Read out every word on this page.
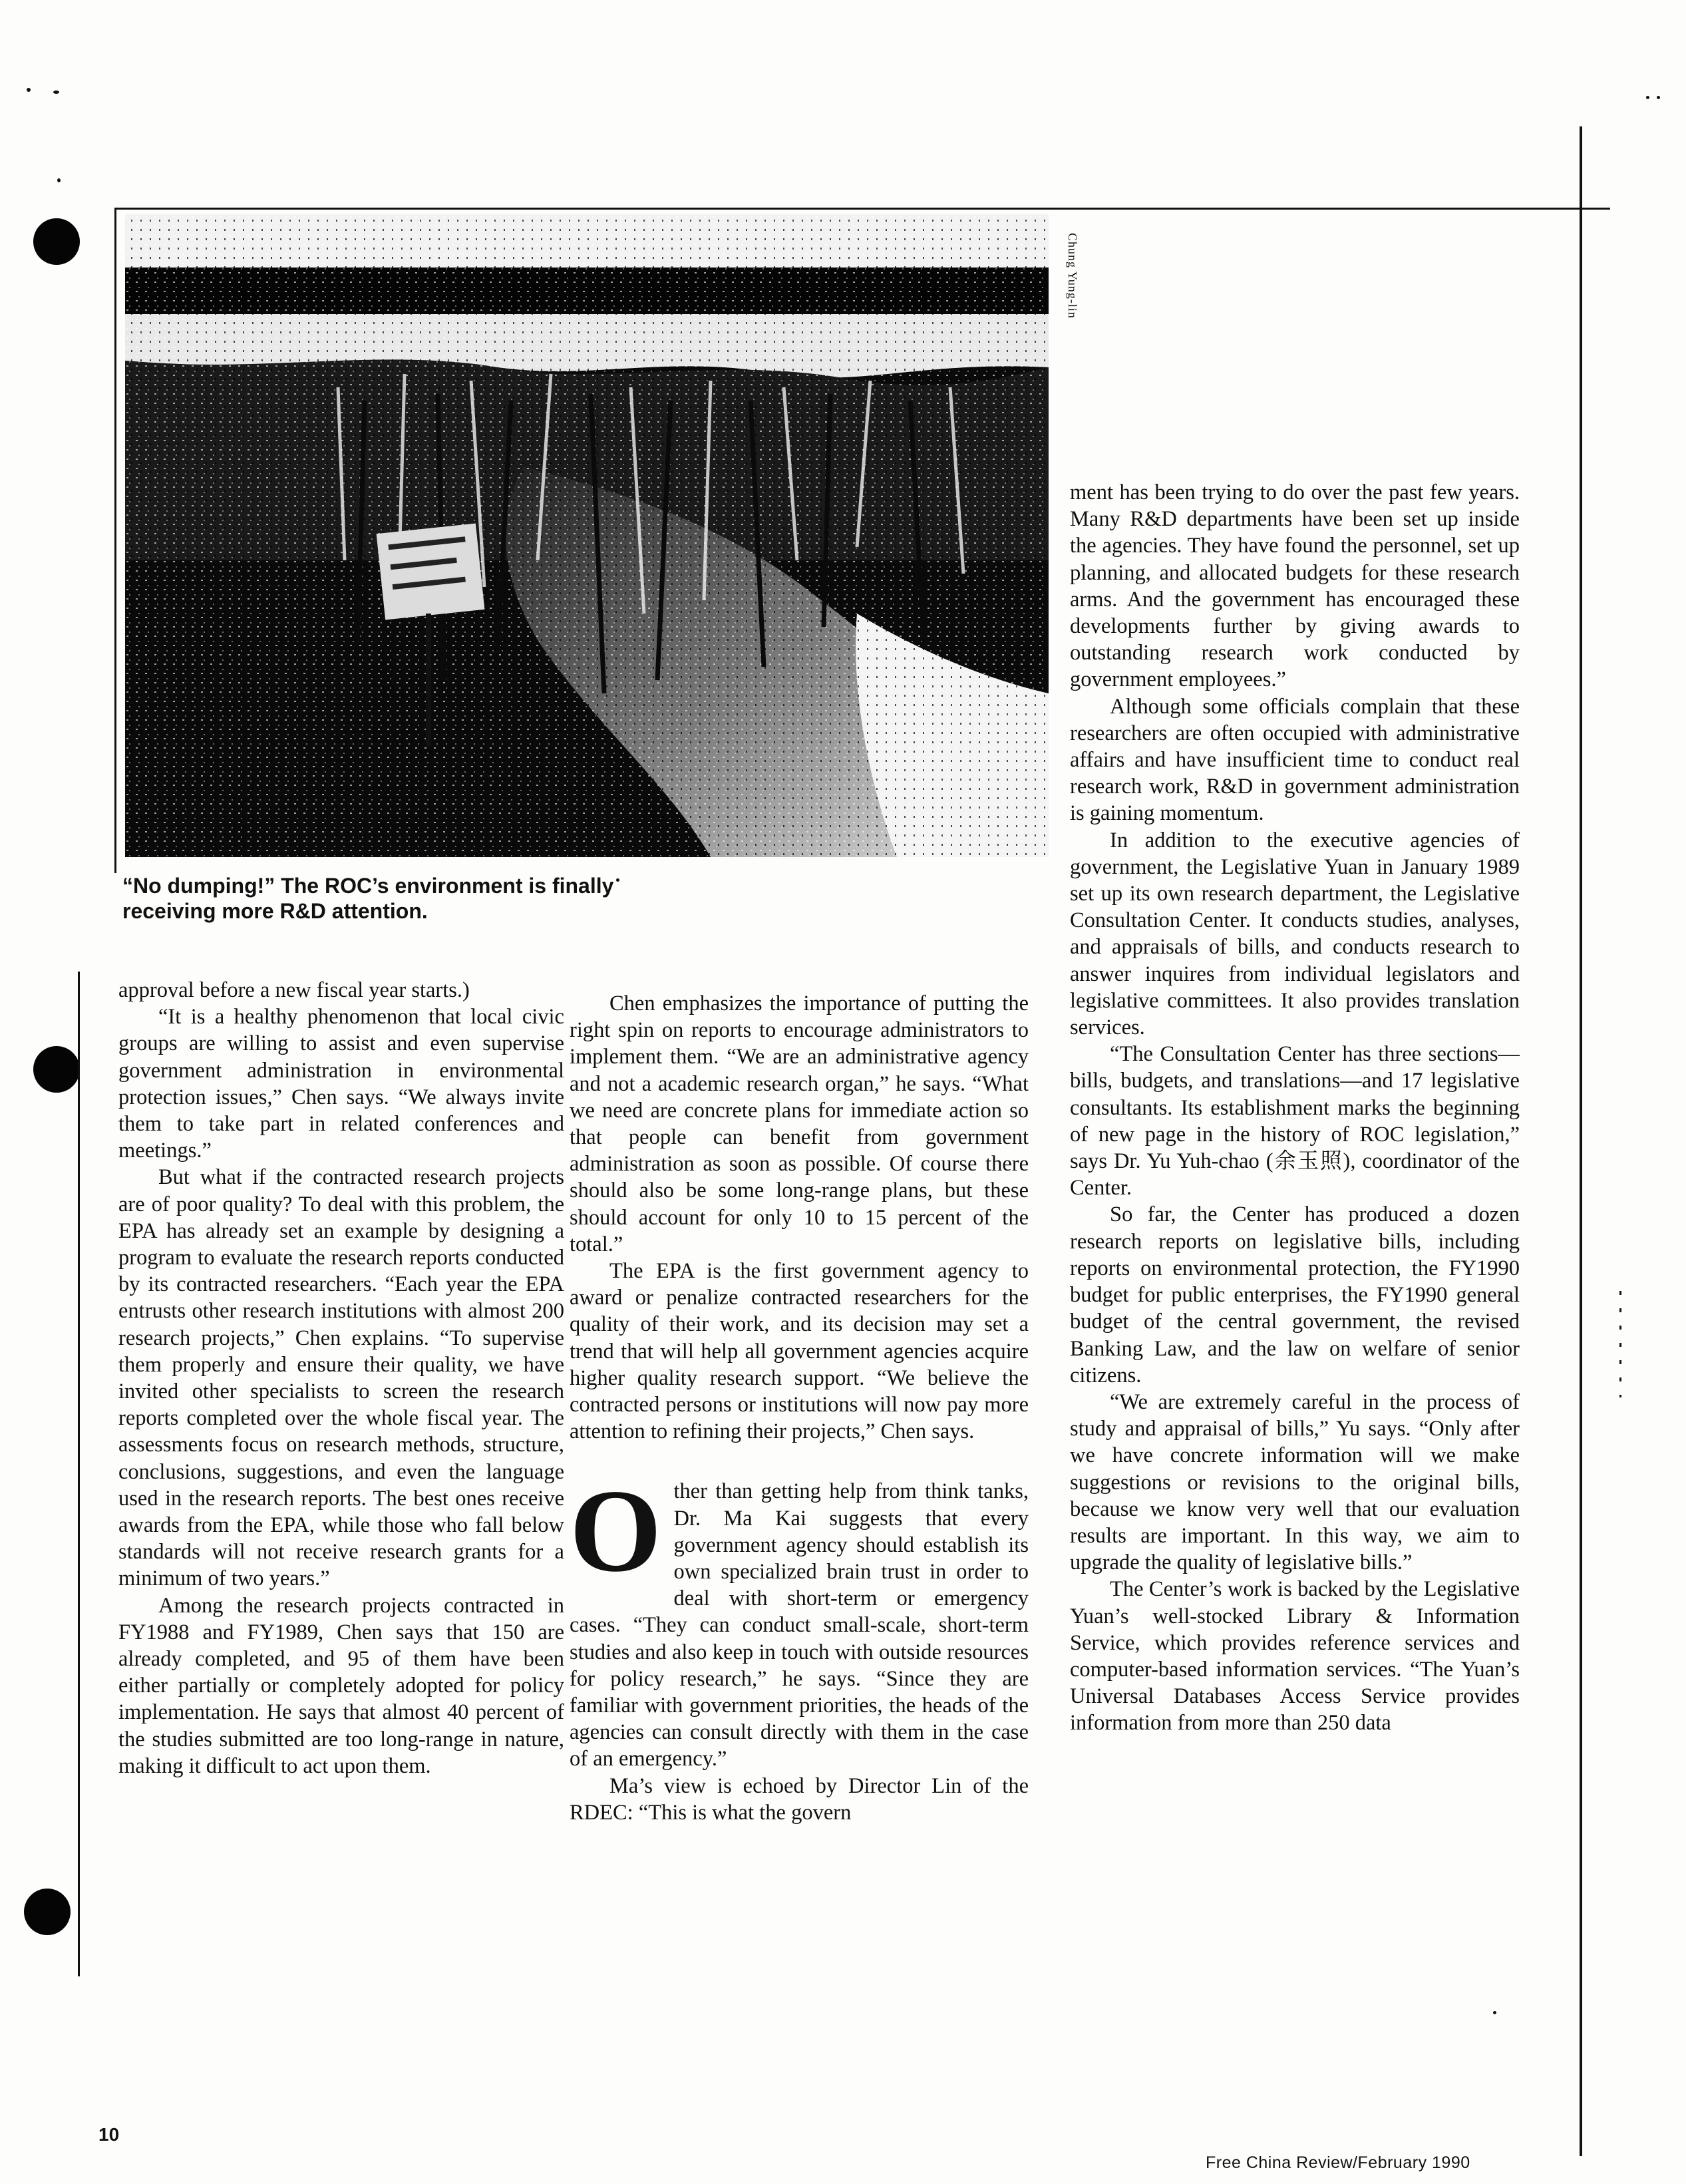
Chung Yung-lin
“No dumping!” The ROC’s environment is finally receiving more R&D attention.

approval before a new fiscal year starts.)

“It is a healthy phenomenon that local civic groups are willing to assist and even supervise government administration in environmental protection issues,” Chen says. “We always invite them to take part in related conferences and meetings.”

But what if the contracted research projects are of poor quality? To deal with this problem, the EPA has already set an example by designing a program to evaluate the research reports conducted by its contracted researchers. “Each year the EPA entrusts other research institutions with almost 200 research projects,” Chen explains. “To supervise them properly and ensure their quality, we have invited other specialists to screen the research reports completed over the whole fiscal year. The assessments focus on research methods, structure, conclusions, suggestions, and even the language used in the research reports. The best ones receive awards from the EPA, while those who fall below standards will not receive research grants for a minimum of two years.”

Among the research projects contracted in FY1988 and FY1989, Chen says that 150 are already completed, and 95 of them have been either partially or completely adopted for policy implementation. He says that almost 40 percent of the studies submitted are too long-range in nature, making it difficult to act upon them.

Chen emphasizes the importance of putting the right spin on reports to encourage administrators to implement them. “We are an administrative agency and not a academic research organ,” he says. “What we need are concrete plans for immediate action so that people can benefit from government administration as soon as possible. Of course there should also be some long-range plans, but these should account for only 10 to 15 percent of the total.”

The EPA is the first government agency to award or penalize contracted researchers for the quality of their work, and its decision may set a trend that will help all government agencies acquire higher quality research support. “We believe the contracted persons or institutions will now pay more attention to refining their projects,” Chen says.

Other than getting help from think tanks, Dr. Ma Kai suggests that every government agency should establish its own specialized brain trust in order to deal with short-term or emergency cases. “They can conduct small-scale, short-term studies and also keep in touch with outside resources for policy research,” he says. “Since they are familiar with government priorities, the heads of the agencies can consult directly with them in the case of an emergency.”

Ma’s view is echoed by Director Lin of the RDEC: “This is what the govern

ment has been trying to do over the past few years. Many R&D departments have been set up inside the agencies. They have found the personnel, set up planning, and allocated budgets for these research arms. And the government has encouraged these developments further by giving awards to outstanding research work conducted by government employees.”

Although some officials complain that these researchers are often occupied with administrative affairs and have insufficient time to conduct real research work, R&D in government administration is gaining momentum.

In addition to the executive agencies of government, the Legislative Yuan in January 1989 set up its own research department, the Legislative Consultation Center. It conducts studies, analyses, and appraisals of bills, and conducts research to answer inquires from individual legislators and legislative committees. It also provides translation services.

“The Consultation Center has three sections—bills, budgets, and translations—and 17 legislative consultants. Its establishment marks the beginning of new page in the history of ROC legislation,” says Dr. Yu Yuh-chao (余玉照), coordinator of the Center.

So far, the Center has produced a dozen research reports on legislative bills, including reports on environmental protection, the FY1990 budget for public enterprises, the FY1990 general budget of the central government, the revised Banking Law, and the law on welfare of senior citizens.

“We are extremely careful in the process of study and appraisal of bills,” Yu says. “Only after we have concrete information will we make suggestions or revisions to the original bills, because we know very well that our evaluation results are important. In this way, we aim to upgrade the quality of legislative bills.”

The Center’s work is backed by the Legislative Yuan’s well-stocked Library & Information Service, which provides reference services and computer-based information services. “The Yuan’s Universal Databases Access Service provides information from more than 250 data

10
Free China Review/February 1990
